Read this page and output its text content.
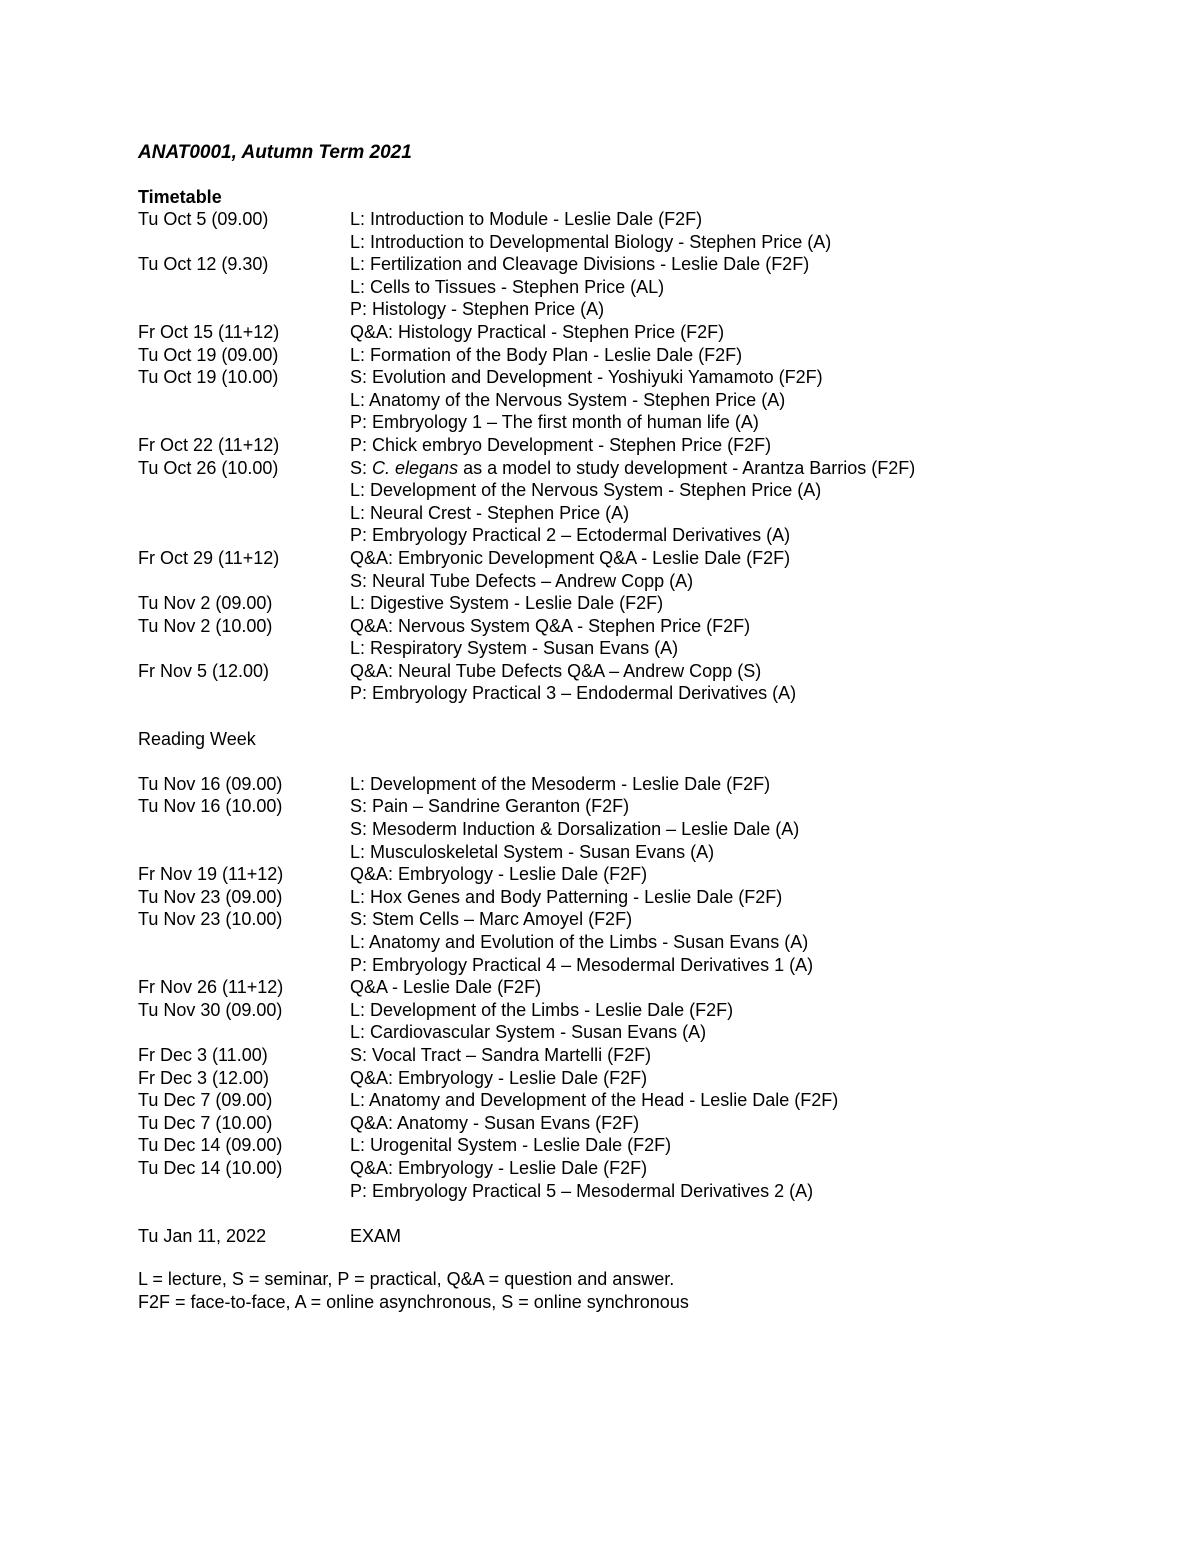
ANAT0001, Autumn Term 2021
Timetable
Tu Oct 5 (09.00)	L: Introduction to Module - Leslie Dale (F2F)
L: Introduction to Developmental Biology - Stephen Price (A)
Tu Oct 12 (9.30)	L: Fertilization and Cleavage Divisions - Leslie Dale (F2F)
L: Cells to Tissues - Stephen Price (AL)
P: Histology - Stephen Price (A)
Fr Oct 15 (11+12)	Q&A: Histology Practical - Stephen Price (F2F)
Tu Oct 19 (09.00)	L: Formation of the Body Plan - Leslie Dale (F2F)
Tu Oct 19 (10.00)	S: Evolution and Development - Yoshiyuki Yamamoto (F2F)
L: Anatomy of the Nervous System - Stephen Price (A)
P: Embryology 1 – The first month of human life (A)
Fr Oct 22 (11+12)	P: Chick embryo Development - Stephen Price (F2F)
Tu Oct 26 (10.00)	S: C. elegans as a model to study development - Arantza Barrios (F2F)
L: Development of the Nervous System - Stephen Price (A)
L: Neural Crest - Stephen Price (A)
P: Embryology Practical 2 – Ectodermal Derivatives (A)
Fr Oct 29 (11+12)	Q&A: Embryonic Development Q&A - Leslie Dale (F2F)
S: Neural Tube Defects – Andrew Copp (A)
Tu Nov 2 (09.00)	L: Digestive System - Leslie Dale (F2F)
Tu Nov 2 (10.00)	Q&A: Nervous System Q&A - Stephen Price (F2F)
L: Respiratory System - Susan Evans (A)
Fr Nov 5 (12.00)	Q&A: Neural Tube Defects Q&A – Andrew Copp (S)
P: Embryology Practical 3 – Endodermal Derivatives (A)
Reading Week
Tu Nov 16 (09.00)	L: Development of the Mesoderm - Leslie Dale (F2F)
Tu Nov 16 (10.00)	S: Pain – Sandrine Geranton (F2F)
S: Mesoderm Induction & Dorsalization – Leslie Dale (A)
L: Musculoskeletal System - Susan Evans (A)
Fr Nov 19 (11+12)	Q&A: Embryology - Leslie Dale (F2F)
Tu Nov 23 (09.00)	L: Hox Genes and Body Patterning - Leslie Dale (F2F)
Tu Nov 23 (10.00)	S: Stem Cells – Marc Amoyel (F2F)
L: Anatomy and Evolution of the Limbs - Susan Evans (A)
P: Embryology Practical 4 – Mesodermal Derivatives 1 (A)
Fr Nov 26 (11+12)	Q&A - Leslie Dale (F2F)
Tu Nov 30 (09.00)	L: Development of the Limbs - Leslie Dale (F2F)
L: Cardiovascular System - Susan Evans (A)
Fr Dec 3 (11.00)	S: Vocal Tract – Sandra Martelli (F2F)
Fr Dec 3 (12.00)	Q&A: Embryology - Leslie Dale (F2F)
Tu Dec 7 (09.00)	L: Anatomy and Development of the Head - Leslie Dale (F2F)
Tu Dec 7 (10.00)	Q&A: Anatomy - Susan Evans (F2F)
Tu Dec 14 (09.00)	L: Urogenital System - Leslie Dale (F2F)
Tu Dec 14 (10.00)	Q&A: Embryology - Leslie Dale (F2F)
P: Embryology Practical 5 – Mesodermal Derivatives 2 (A)
Tu Jan 11, 2022	EXAM
L = lecture, S = seminar, P = practical, Q&A = question and answer.
F2F = face-to-face, A = online asynchronous, S = online synchronous
